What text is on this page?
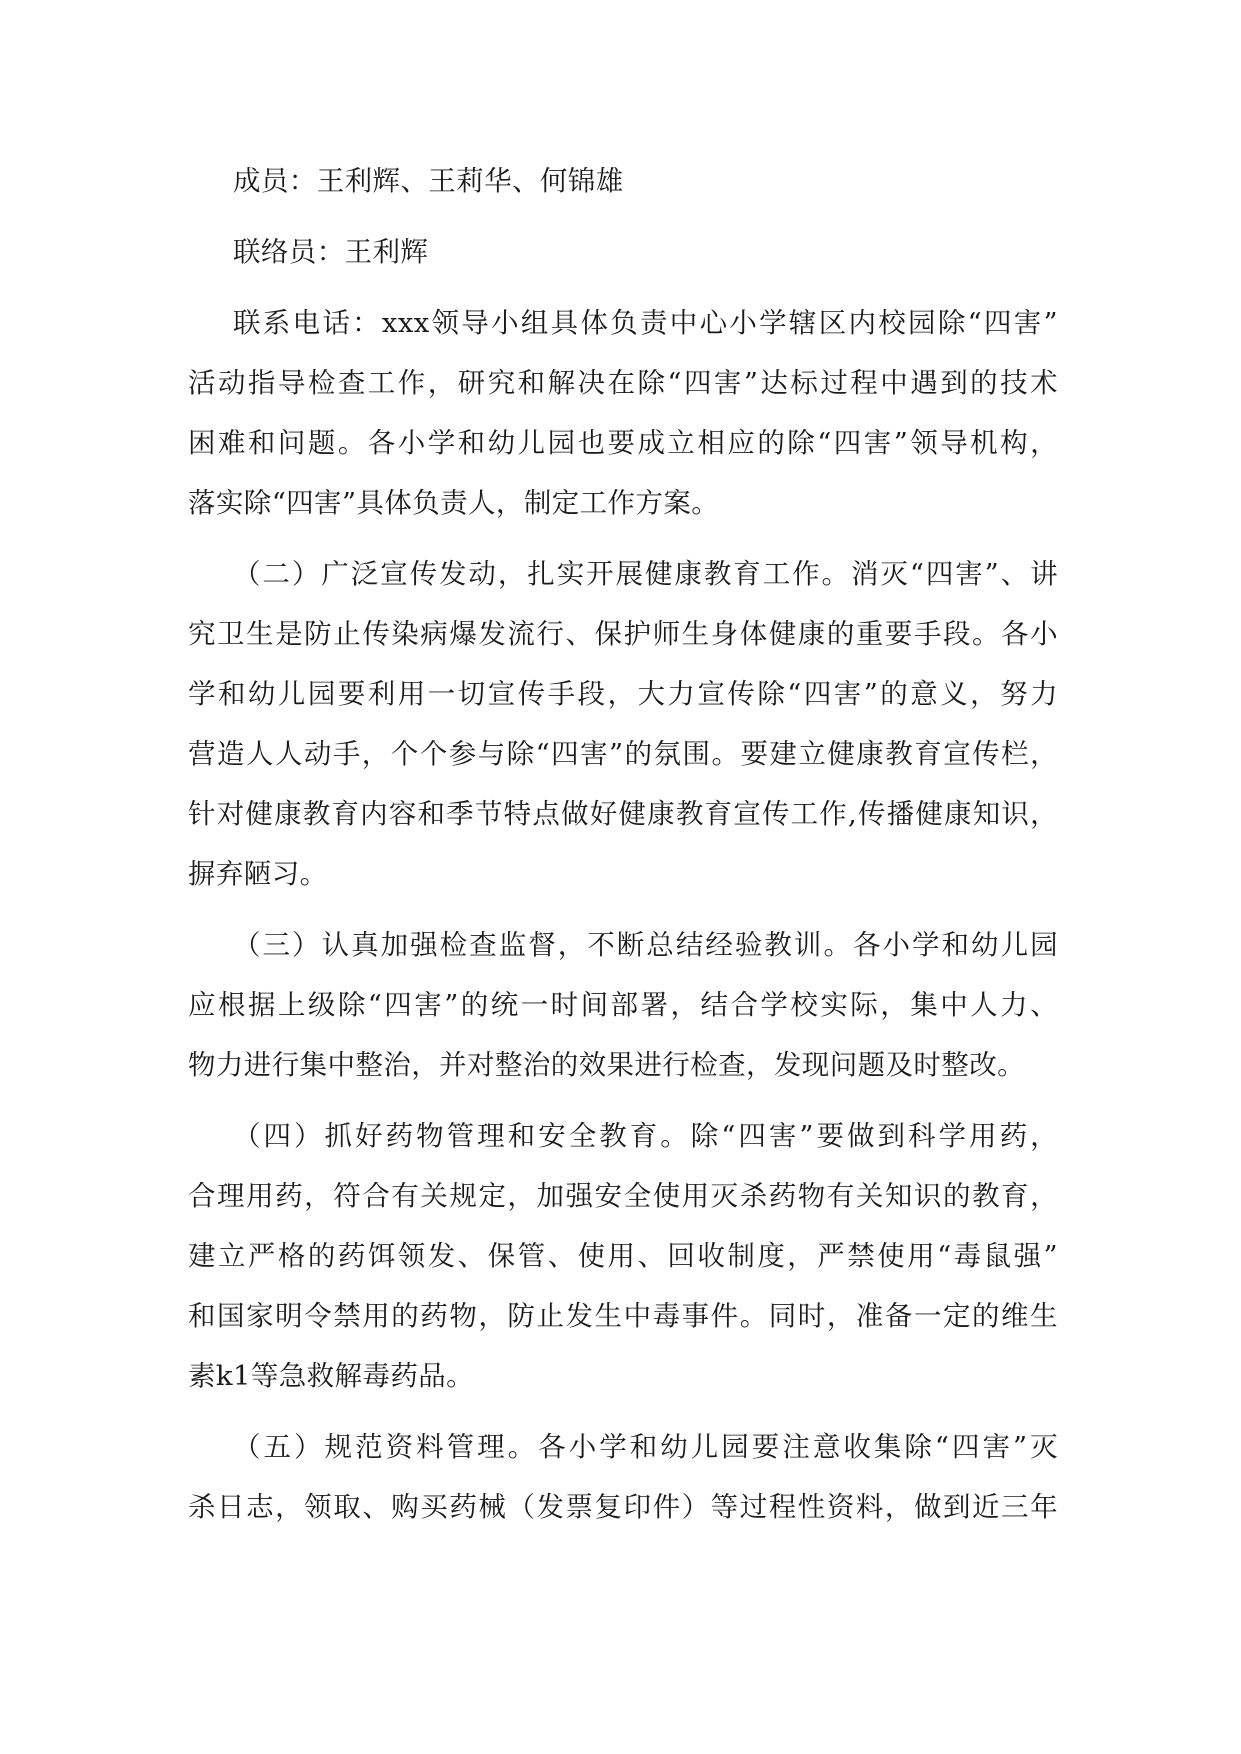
成员：王利辉、王莉华、何锦雄
联络员：王利辉
联系电话：xxx领导小组具体负责中心小学辖区内校园除“四害”
活动指导检查工作，研究和解决在除“四害”达标过程中遇到的技术
困难和问题。各小学和幼儿园也要成立相应的除“四害”领导机构，
落实除“四害”具体负责人，制定工作方案。
（二）广泛宣传发动，扎实开展健康教育工作。消灭“四害”、讲
究卫生是防止传染病爆发流行、保护师生身体健康的重要手段。各小
学和幼儿园要利用一切宣传手段，大力宣传除“四害”的意义，努力
营造人人动手，个个参与除“四害”的氛围。要建立健康教育宣传栏，
针对健康教育内容和季节特点做好健康教育宣传工作,传播健康知识，
摒弃陋习。
（三）认真加强检查监督，不断总结经验教训。各小学和幼儿园
应根据上级除“四害”的统一时间部署，结合学校实际，集中人力、
物力进行集中整治，并对整治的效果进行检查，发现问题及时整改。
（四）抓好药物管理和安全教育。除“四害”要做到科学用药，
合理用药，符合有关规定，加强安全使用灭杀药物有关知识的教育，
建立严格的药饵领发、保管、使用、回收制度，严禁使用“毒鼠强”
和国家明令禁用的药物，防止发生中毒事件。同时，准备一定的维生
素k1等急救解毒药品。
（五）规范资料管理。各小学和幼儿园要注意收集除“四害”灭
杀日志，领取、购买药械（发票复印件）等过程性资料，做到近三年
